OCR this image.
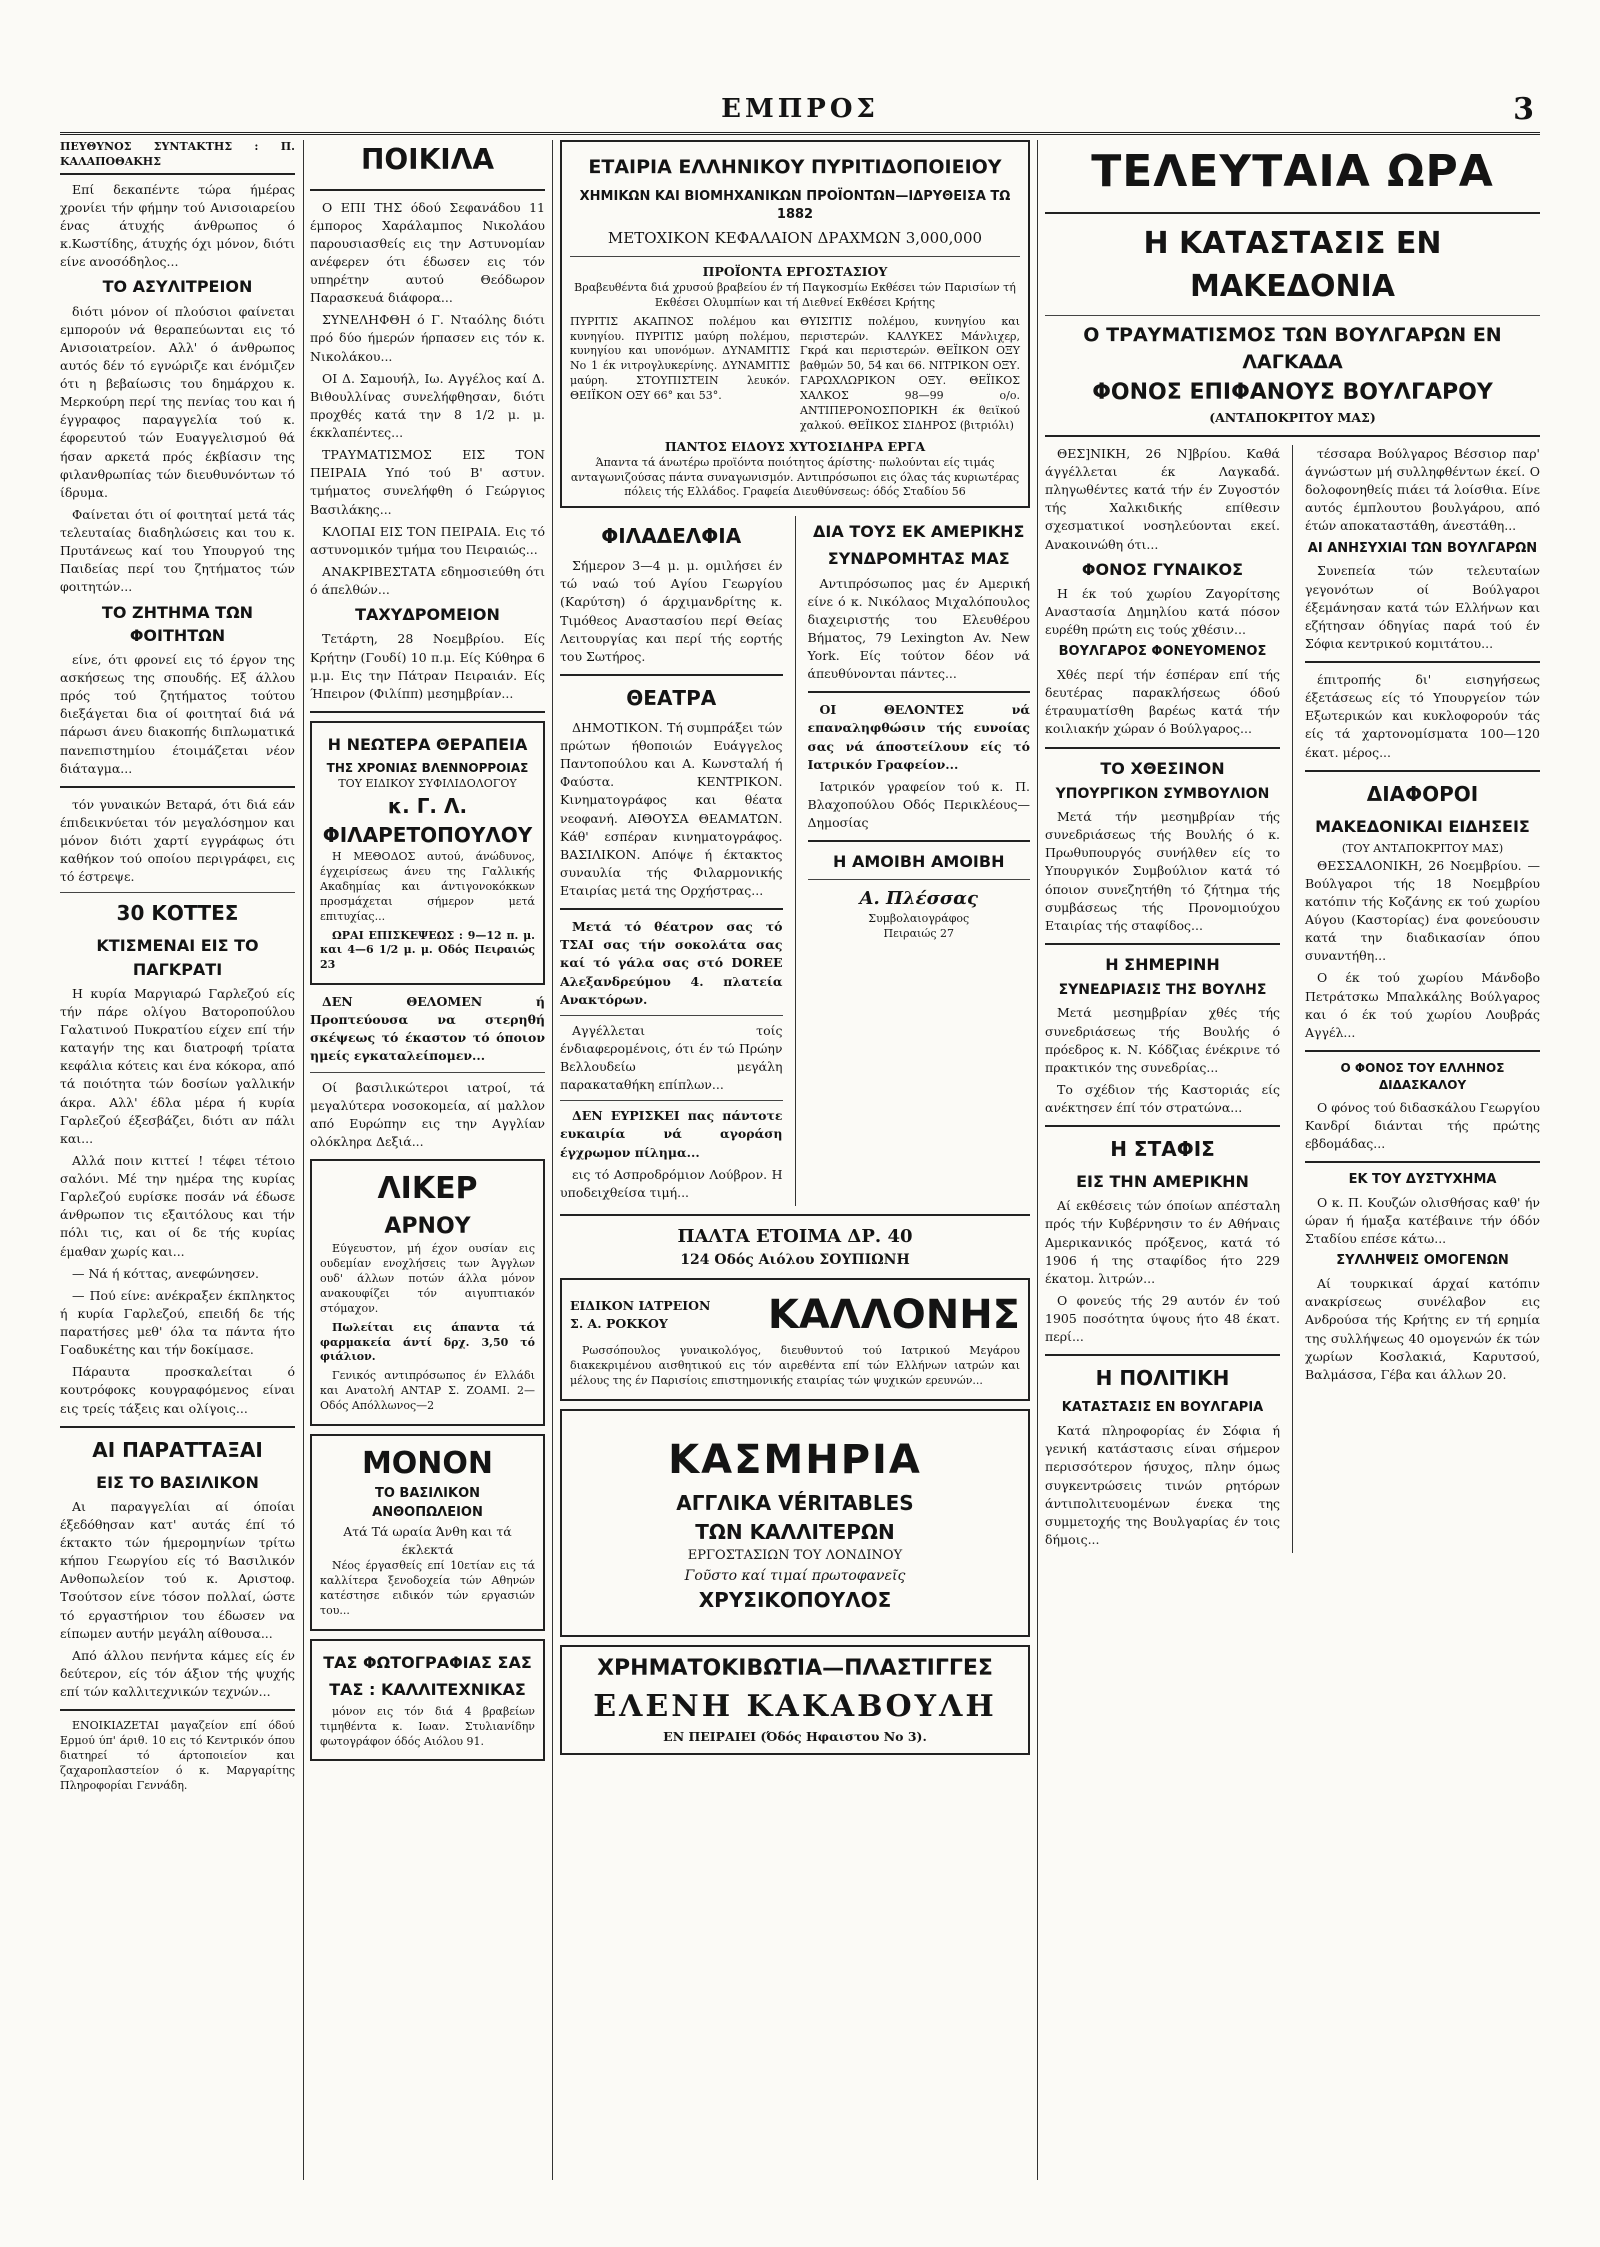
ΕΜΠΡΟΣ	3
ΠΕΥΘΥΝΟΣ ΣΥΝΤΑΚΤΗΣ : Π. ΚΑΛΑΠΟΘΑΚΗΣ

Επί δεκαπέντε τώρα ήμέρας χρονίει τήν φήμην τού Ανισοιαρείου ένας άτυχής άνθρωπος ό κ.Κωστίδης, άτυχής όχι μόνον, διότι είνε ανοσόδηλος...

ΤΟ ΑΣΥΛΙΤΡΕΙΟΝ

διότι μόνον οί πλούσιοι φαίνεται εμπορούν νά θεραπεύωνται εις τό Ανισοιατρείον. Αλλ' ό άνθρωπος αυτός δέν τό εγνώριζε και ένόμιζεν ότι η βεβαίωσις του δημάρχου κ. Μερκούρη περί της πενίας του και ή έγγραφος παραγγελία τού κ. έφορευτού τών Ευαγγελισμού θά ήσαν αρκετά πρός έκβίασιν της φιλανθρωπίας τών διευθυνόντων τό ίδρυμα.

Φαίνεται ότι οί φοιτηταί μετά τάς τελευταίας διαδηλώσεις και του κ. Πρυτάνεως καί του Υπουργού της Παιδείας περί του ζητήματος τών φοιτητών...

ΤΟ ΖΗΤΗΜΑ ΤΩΝ ΦΟΙΤΗΤΩΝ

είνε, ότι φρονεί εις τό έργον της ασκήσεως της σπουδής. Εξ άλλου πρός τού ζητήματος τούτου διεξάγεται δια οί φοιτηταί διά νά πάρωσι άνευ διακοπής διπλωματικά πανεπιστημίου έτοιμάζεται νέον διάταγμα...

τόν γυναικών Βεταρά, ότι διά εάν έπιδεικνύεται τόν μεγαλόσημον και μόνον διότι χαρτί εγγράφως ότι καθήκον τού οποίου περιγράφει, εις τό έστρεψε.

30 ΚΟΤΤΕΣ
ΚΤΙΣΜΕΝΑΙ ΕΙΣ ΤΟ ΠΑΓΚΡΑΤΙ

Η κυρία Μαργιαρώ Γαρλεζού είς τήν πάρε ολίγου Βατοροπούλου Γαλατινού Πυκρατίου είχεν επί τήν καταγήν της και διατροφή τρίατα κεφάλια κότεις και ένα κόκορα, από τά ποιότητα τών δοσίων γαλλικήν άκρα. Αλλ' έδλα μέρα ή κυρία Γαρλεζού έξεσβάζει, διότι αν πάλι και...

Αλλά ποιν κιττεί ! τέφει τέτοιο σαλόνι. Μέ την ημέρα της κυρίας Γαρλεζού ευρίσκε ποσάν νά έδωσε άνθρωπον τις εξαιτόλους και τήν πόλι τις, και οί δε τής κυρίας έμαθαν χωρίς και...

— Νά ή κόττας, ανεφώνησεν.

— Πού είνε: ανέκραξεν έκπληκτος ή κυρία Γαρλεζού, επειδή δε τής παρατήσες μεθ' όλα τα πάντα ήτο Γοαδυκέτης και τήν δοκίμασε.

Πάραυτα προσκαλείται ό κουτρόφοκς κουγραφόμενος είναι εις τρείς τάξεις και ολίγοις...

ΑΙ ΠΑΡΑΤΤΑΞΑΙ
ΕΙΣ ΤΟ ΒΑΣΙΛΙΚΟΝ

Αι παραγγελίαι αί όποίαι έξεδόθησαν κατ' αυτάς έπί τό έκτακτο τών ήμερομηνίων τρίτω κήπου Γεωργίου είς τό Βασιλικόν Ανθοπωλείον τού κ. Αριστοφ. Τσούτσον είνε τόσον πολλαί, ώστε τό εργαστήριον του έδωσεν να είπωμεν αυτήν μεγάλη αίθουσα...

Από άλλου πενήντα κάμες είς έν δεύτερον, είς τόν άξιον τής ψυχής επί τών καλλιτεχνικών τεχνών...

ΕΝΟΙΚΙΑΖΕΤΑΙ μαγαζείον επί όδού Ερμού ύπ' άριθ. 10 εις τό Κεντρικόν όπου διατηρεί τό άρτοποιείον και ζαχαροπλαστείον ό κ. Μαργαρίτης Πληροφορίαι Γεννάδη.

ΠΟΙΚΙΛΑ

Ο ΕΠΙ ΤΗΣ όδού Σεφανάδου 11 έμπορος Χαράλαμπος Νικολάου παρουσιασθείς εις την Αστυνομίαν ανέφερεν ότι έδωσεν εις τόν υπηρέτην αυτού Θεόδωρον Παρασκευά διάφορα...

ΣΥΝΕΛΗΦΘΗ ό Γ. Νταόλης διότι πρό δύο ήμερών ήρπασεν εις τόν κ. Νικολάκου...

ΟΙ Δ. Σαμουήλ, Ιω. Αγγέλος καί Δ. Βιθουλλίνας συνελήφθησαν, διότι προχθές κατά την 8 1/2 μ. μ. έκκλαπέντες...

ΤΡΑΥΜΑΤΙΣΜΟΣ ΕΙΣ ΤΟΝ ΠΕΙΡΑΙΑ Υπό τού Β' αστυν. τμήματος συνελήφθη ό Γεώργιος Βασιλάκης...

ΚΛΟΠΑΙ ΕΙΣ ΤΟΝ ΠΕΙΡΑΙΑ. Εις τό αστυνομικόν τμήμα του Πειραιώς...

ΑΝΑΚΡΙΒΕΣΤΑΤΑ εδημοσιεύθη ότι ό άπελθών...

ΤΑΧΥΔΡΟΜΕΙΟΝ

Τετάρτη, 28 Νοεμβρίου. Είς Κρήτην (Γουδί) 10 π.μ. Είς Κύθηρα 6 μ.μ. Εις την Πάτραν Πειραιάν. Είς Ήπειρον (Φιλίππ) μεσημβρίαν...

Η ΝΕΩΤΕΡΑ ΘΕΡΑΠΕΙΑ
ΤΗΣ ΧΡΟΝΙΑΣ ΒΛΕΝΝΟΡΡΟΙΑΣ
ΤΟΥ ΕΙΔΙΚΟΥ ΣΥΦΙΛΙΔΟΛΟΓΟΥ
κ. Γ. Λ. ΦΙΛΑΡΕΤΟΠΟΥΛΟΥ

Η ΜΕΘΟΔΟΣ αυτού, άνώδυνος, έγχειρίσεως άνευ της Γαλλικής Ακαδημίας και άντιγονοκόκκων προσμάχεται σήμερον μετά επιτυχίας...

ΩΡΑΙ ΕΠΙΣΚΕΨΕΩΣ : 9—12 π. μ. και 4—6 1/2 μ. μ. Οδός Πειραιώς 23

ΔΕΝ ΘΕΛΟΜΕΝ ή Προπτεύουσα να στερηθή σκέψεως τό έκαστον τό όποιον ημείς εγκαταλείπομεν...

Οί βασιλικώτεροι ιατροί, τά μεγαλύτερα νοσοκομεία, αί μαλλον από Ευρώπην εις την Αγγλίαν ολόκληρα Δεξιά...

ΛΙΚΕΡ
ΑΡΝΟΥ

Εύγευστον, μή έχον ουσίαν εις ουδεμίαν ενοχλήσεις των Άγγλων ουδ' άλλων ποτών άλλα μόνον ανακουφίζει τόν αιγυπτιακόν στόμαχον.

Πωλείται εις άπαντα τά φαρμακεία άντί δρχ. 3,50 τό φιάλιον.

Γενικός αντιπρόσωπος έν Ελλάδι και Ανατολή ΑΝΤΑΡ Σ. ΖΟΑΜΙ. 2—Οδός Απόλλωνος—2

ΜΟΝΟΝ
ΤΟ ΒΑΣΙΛΙΚΟΝ ΑΝΘΟΠΩΛΕΙΟΝ
Ατά Τά ωραία Άνθη και τά έκλεκτά

Νέος έργασθείς επί 10ετίαν εις τά καλλίτερα ξενοδοχεία τών Αθηνών κατέστησε ειδικόν τών εργασιών του...

ΤΑΣ ΦΩΤΟΓΡΑΦΙΑΣ ΣΑΣ
ΤΑΣ : ΚΑΛΛΙΤΕΧΝΙΚΑΣ

μόνον εις τόν διά 4 βραβείων τιμηθέντα κ. Ιωαν. Στυλιανίδην φωτογράφον όδός Αιόλου 91.

ΕΤΑΙΡΙΑ ΕΛΛΗΝΙΚΟΥ ΠΥΡΙΤΙΔΟΠΟΙΕΙΟΥ
ΧΗΜΙΚΩΝ ΚΑΙ ΒΙΟΜΗΧΑΝΙΚΩΝ ΠΡΟΪΟΝΤΩΝ—ΙΔΡΥΘΕΙΣΑ ΤΩ 1882
ΜΕΤΟΧΙΚΟΝ ΚΕΦΑΛΑΙΟΝ ΔΡΑΧΜΩΝ 3,000,000
ΠΡΟΪΟΝΤΑ ΕΡΓΟΣΤΑΣΙΟΥ
Βραβευθέντα διά χρυσού βραβείου έν τή Παγκοσμίω Εκθέσει τών Παρισίων τή Εκθέσει Ολυμπίων και τή Διεθνεί Εκθέσει Κρήτης
ΠΥΡΙΤΙΣ ΑΚΑΠΝΟΣ πολέμου και κυνηγίου. ΠΥΡΙΤΙΣ μαύρη πολέμου, κυνηγίου και υπονόμων. ΔΥΝΑΜΙΤΙΣ Νο 1 έκ νιτρογλυκερίνης. ΔΥΝΑΜΙΤΙΣ μαύρη. ΣΤΟΥΠΙΣΤΕΙΝ λευκόν. ΘΕΙΪΚΟΝ ΟΞΥ 66° και 53°.
ΘΥΙΣΙΤΙΣ πολέμου, κυνηγίου και περιστερών. ΚΑΛΥΚΕΣ Μάνλιχερ, Γκρά και περιστερών. ΘΕΪΙΚΟΝ ΟΞΥ βαθμών 50, 54 και 66. ΝΙΤΡΙΚΟΝ ΟΞΥ. ΓΑΡΩΧΛΩΡΙΚΟΝ ΟΞΥ. ΘΕΪΙΚΟΣ ΧΑΛΚΟΣ 98—99 ο/ο. ΑΝΤΙΠΕΡΟΝΟΣΠΟΡΙΚΗ έκ θειϊκού χαλκού. ΘΕΪΙΚΟΣ ΣΙΔΗΡΟΣ (βιτριόλι)
ΠΑΝΤΟΣ ΕΙΔΟΥΣ ΧΥΤΟΣΙΔΗΡΑ ΕΡΓΑ
Άπαντα τά άνωτέρω προϊόντα ποιότητος άρίστης· πωλούνται είς τιμάς ανταγωνιζούσας πάντα συναγωνισμόν. Αντιπρόσωποι εις όλας τάς κυριωτέρας πόλεις τής Ελλάδος. Γραφεία Διευθύνσεως: όδός Σταδίου 56
ΦΙΛΑΔΕΛΦΙΑ

Σήμερον 3—4 μ. μ. ομιλήσει έν τώ ναώ τού Αγίου Γεωργίου (Καρύτση) ό άρχιμανδρίτης κ. Τιμόθεος Αναστασίου περί Θείας Λειτουργίας και περί τής εορτής του Σωτήρος.

ΘΕΑΤΡΑ

ΔΗΜΟΤΙΚΟΝ. Τή συμπράξει τών πρώτων ήθοποιών Ευάγγελος Παντοπούλου και Α. Κωνσταλή ή Φαύστα. ΚΕΝΤΡΙΚΟΝ. Κινηματογράφος και θέατα νεοφανή. ΑΙΘΟΥΣΑ ΘΕΑΜΑΤΩΝ. Κάθ' εσπέραν κινηματογράφος. ΒΑΣΙΛΙΚΟΝ. Απόψε ή έκτακτος συναυλία τής Φιλαρμονικής Εταιρίας μετά της Ορχήστρας...

Μετά τό θέατρον σας τό ΤΣΑΙ σας τήν σοκολάτα σας καί τό γάλα σας στό DOREE Αλεξανδρεύμου 4. πλατεία Ανακτόρων.

Αγγέλλεται τοίς ένδιαφερομένοις, ότι έν τώ Πρώην Βελλουδείω μεγάλη παρακαταθήκη επίπλων...

ΔΕΝ ΕΥΡΙΣΚΕΙ πας πάντοτε ευκαιρία νά αγοράση έγχρωμον πίλημα...

εις τό Ασπροδρόμιον Λούβρον. Η υποδειχθείσα τιμή...

ΔΙΑ ΤΟΥΣ ΕΚ ΑΜΕΡΙΚΗΣ
ΣΥΝΔΡΟΜΗΤΑΣ ΜΑΣ

Αντιπρόσωπος μας έν Αμερική είνε ό κ. Νικόλαος Μιχαλόπουλος διαχειριστής του Ελευθέρου Βήματος, 79 Lexington Av. New York. Είς τούτον δέον νά άπευθύνονται πάντες...

ΟΙ ΘΕΛΟΝΤΕΣ νά επαναληφθώσιν τής ευνοίας σας νά άποστείλουν είς τό Ιατρικόν Γραφείον...

Ιατρικόν γραφείον τού κ. Π. Βλαχοπούλου Οδός Περικλέους—Δημοσίας

Η ΑΜΟΙΒΗ ΑΜΟΙΒΗ
Α. Πλέσσας
Συμβολαιογράφος
Πειραιώς 27
ΠΑΛΤΑ ΕΤΟΙΜΑ ΔΡ. 40
124 Οδός Αιόλου ΣΟΥΠΙΩΝΗ
ΕΙΔΙΚΟΝ ΙΑΤΡΕΙΟΝ
Σ. Α. ΡΟΚΚΟΥ	ΚΑΛΛΟΝΗΣ

Ρωσσόπουλος γυναικολόγος, διευθυντού τού Ιατρικού Μεγάρου διακεκριμένου αισθητικού εις τόν αιρεθέντα επί τών Ελλήνων ιατρών και μέλους της έν Παρισίοις επιστημονικής εταιρίας τών ψυχικών ερευνών...

ΚΑΣΜΗΡΙΑ
ΑΓΓΛΙΚΑ VÉRITABLES
ΤΩΝ ΚΑΛΛΙΤΕΡΩΝ
ΕΡΓΟΣΤΑΣΙΩΝ ΤΟΥ ΛΟΝΔΙΝΟΥ
Γοῦστο καί τιμαί πρωτοφανεῖς
ΧΡΥΣΙΚΟΠΟΥΛΟΣ
ΧΡΗΜΑΤΟΚΙΒΩΤΙΑ—ΠΛΑΣΤΙΓΓΕΣ
ΕΛΕΝΗ ΚΑΚΑΒΟΥΛΗ
ΕΝ ΠΕΙΡΑΙΕΙ (Όδός Ηφαιστου Νο 3).
ΤΕΛΕΥΤΑΙΑ ΩΡΑ
Η ΚΑΤΑΣΤΑΣΙΣ ΕΝ ΜΑΚΕΔΟΝΙΑ
Ο ΤΡΑΥΜΑΤΙΣΜΟΣ ΤΩΝ ΒΟΥΛΓΑΡΩΝ ΕΝ ΛΑΓΚΑΔΑ
ΦΟΝΟΣ ΕΠΙΦΑΝΟΥΣ ΒΟΥΛΓΑΡΟΥ
(ΑΝΤΑΠΟΚΡΙΤΟΥ ΜΑΣ)

ΘΕΣ]ΝΙΚΗ, 26 Ν]βρίου. Καθά άγγέλλεται έκ Λαγκαδά. πληγωθέντες κατά τήν έν Ζυγοστόν τής Χαλκιδικής επίθεσιν σχεσματικοί νοσηλεύονται εκεί. Ανακοινώθη ότι...

ΦΟΝΟΣ ΓΥΝΑΙΚΟΣ

Η έκ τού χωρίου Ζαγορίτσης Αναστασία Δημηλίου κατά πόσον ευρέθη πρώτη εις τούς χθέσιν...

ΒΟΥΛΓΑΡΟΣ ΦΟΝΕΥΟΜΕΝΟΣ

Χθές περί τήν έσπέραν επί τής δευτέρας παρακλήσεως όδού έτραυματίσθη βαρέως κατά τήν κοιλιακήν χώραν ό Βούλγαρος...

ΤΟ ΧΘΕΣΙΝΟΝ
ΥΠΟΥΡΓΙΚΟΝ ΣΥΜΒΟΥΛΙΟΝ

Μετά τήν μεσημβρίαν τής συνεδριάσεως τής Βουλής ό κ. Πρωθυπουργός συνήλθεν είς το Υπουργικόν Συμβούλιον κατά τό όποιον συνεζητήθη τό ζήτημα τής συμβάσεως τής Προνομιούχου Εταιρίας τής σταφίδος...

Η ΣΗΜΕΡΙΝΗ
ΣΥΝΕΔΡΙΑΣΙΣ ΤΗΣ ΒΟΥΛΗΣ

Μετά μεσημβρίαν χθές τής συνεδριάσεως τής Βουλής ό πρόεδρος κ. Ν. Κόδζιας ένέκρινε τό πρακτικόν της συνεδρίας...

Το σχέδιον τής Καστοριάς είς ανέκτησεν έπί τόν στρατώνα...

Η ΣΤΑΦΙΣ
ΕΙΣ ΤΗΝ ΑΜΕΡΙΚΗΝ

Αί εκθέσεις τών όποίων απέσταλη πρός τήν Κυβέρνησιν το έν Αθήναις Αμερικανικός πρόξενος, κατά τό 1906 ή της σταφίδος ήτο 229 έκατομ. λιτρών...

Ο φονεύς τής 29 αυτόν έν τού 1905 ποσότητα ύψους ήτο 48 έκατ. περί...

Η ΠΟΛΙΤΙΚΗ
ΚΑΤΑΣΤΑΣΙΣ ΕΝ ΒΟΥΛΓΑΡΙΑ

Κατά πληροφορίας έν Σόφια ή γενική κατάστασις είναι σήμερον περισσότερον ήσυχος, πλην όμως συγκεντρώσεις τινών ρητόρων άντιπολιτευομένων ένεκα της συμμετοχής της Βουλγαρίας έν τοις δήμοις...

τέσσαρα Βούλγαρος Βέσσιορ παρ' άγνώστων μή συλληφθέντων έκεί. Ο δολοφονηθείς πιάει τά λοίσθια. Είνε αυτός έμπλουτου βουλγάρου, από έτών αποκαταστάθη, άνεστάθη...

ΑΙ ΑΝΗΣΥΧΙΑΙ ΤΩΝ ΒΟΥΛΓΑΡΩΝ

Συνεπεία τών τελευταίων γεγονότων οί Βούλγαροι έξεμάνησαν κατά τών Ελλήνων και εζήτησαν όδηγίας παρά τού έν Σόφια κεντρικού κομιτάτου...

έπιτροπής δι' εισηγήσεως έξετάσεως είς τό Υπουργείον τών Εξωτερικών και κυκλοφορούν τάς είς τά χαρτονομίσματα 100—120 έκατ. μέρος...

ΔΙΑΦΟΡΟΙ
ΜΑΚΕΔΟΝΙΚΑΙ ΕΙΔΗΣΕΙΣ
(ΤΟΥ ΑΝΤΑΠΟΚΡΙΤΟΥ ΜΑΣ)

ΘΕΣΣΑΛΟΝΙΚΗ, 26 Νοεμβρίου. — Βούλγαροι τής 18 Νοεμβρίου κατόπιν τής Κοζάνης εκ τού χωρίου Αύγου (Καστορίας) ένα φονεύουσιν κατά την διαδικασίαν όπου συναντήθη...

Ο έκ τού χωρίου Μάνδοβο Πετράτσκω Μπαλκάλης Βούλγαρος και ό έκ τού χωρίου Λουβράς Αγγέλ...

Ο ΦΟΝΟΣ ΤΟΥ ΕΛΛΗΝΟΣ ΔΙΔΑΣΚΑΛΟΥ

Ο φόνος τού διδασκάλου Γεωργίου Κανδρί διάνται τής πρώτης εβδομάδας...

ΕΚ ΤΟΥ ΔΥΣΤΥΧΗΜΑ

Ο κ. Π. Κουζών ολισθήσας καθ' ήν ώραν ή ήμαξα κατέβαινε τήν όδόν Σταδίου επέσε κάτω...

ΣΥΛΛΗΨΕΙΣ ΟΜΟΓΕΝΩΝ

Αί τουρκικαί άρχαί κατόπιν ανακρίσεως συνέλαβον εις Ανδρούσα τής Κρήτης εν τή ερημία της συλλήψεως 40 ομογενών έκ τών χωρίων Κοσλακιά, Καρυτσού, Βαλμάσσα, Γέβα και άλλων 20.
